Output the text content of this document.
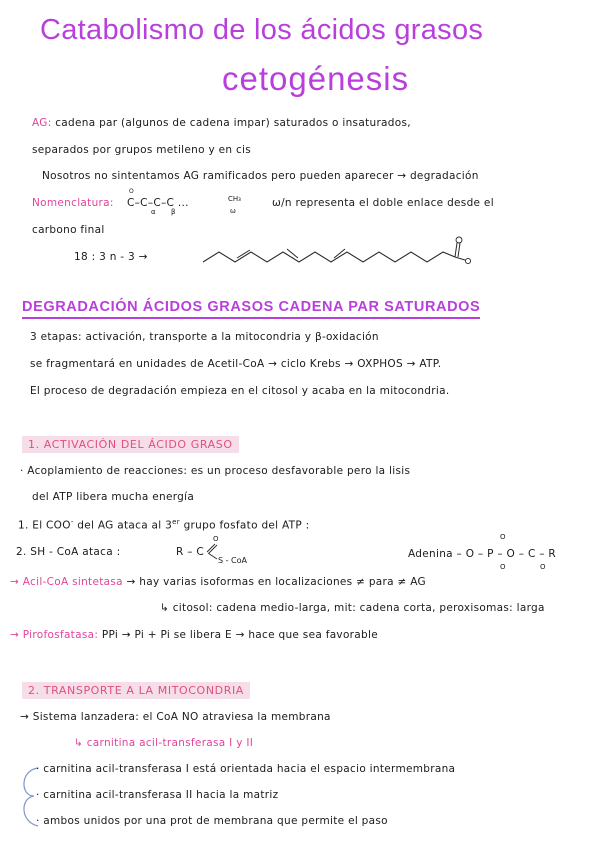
Catabolismo de los ácidos grasos
cetogénesis
AG: cadena par (algunos de cadena impar) saturados o insaturados,
separados por grupos metileno y en cis
Nosotros no sintentamos AG ramificados pero pueden aparecer → degradación
Nomenclatura: C–C–C–C ...
O
α β
CH₃
ω
ω/n representa el doble enlace desde el
carbono final
18 : 3 n - 3 →
DEGRADACIÓN ÁCIDOS GRASOS CADENA PAR SATURADOS
3 etapas: activación, transporte a la mitocondria y β-oxidación
se fragmentará en unidades de Acetil-CoA → ciclo Krebs → OXPHOS → ATP.
El proceso de degradación empieza en el citosol y acaba en la mitocondria.
1. ACTIVACIÓN DEL ÁCIDO GRASO
· Acoplamiento de reacciones: es un proceso desfavorable pero la lisis
del ATP libera mucha energía
1. El COO- del AG ataca al 3er grupo fosfato del ATP :
2. SH - CoA ataca :	R – C
O
S - CoA
Adenina – O – P – O – C – R
O
O	O
→ Acil-CoA sintetasa → hay varias isoformas en localizaciones ≠ para ≠ AG
↳ citosol: cadena medio-larga, mit: cadena corta, peroxisomas: larga
→ Pirofosfatasa: PPi → Pi + Pi se libera E → hace que sea favorable
2. TRANSPORTE A LA MITOCONDRIA
→ Sistema lanzadera: el CoA NO atraviesa la membrana
↳ carnitina acil-transferasa I y II
· carnitina acil-transferasa I está orientada hacia el espacio intermembrana
· carnitina acil-transferasa II hacia la matriz
· ambos unidos por una prot de membrana que permite el paso
